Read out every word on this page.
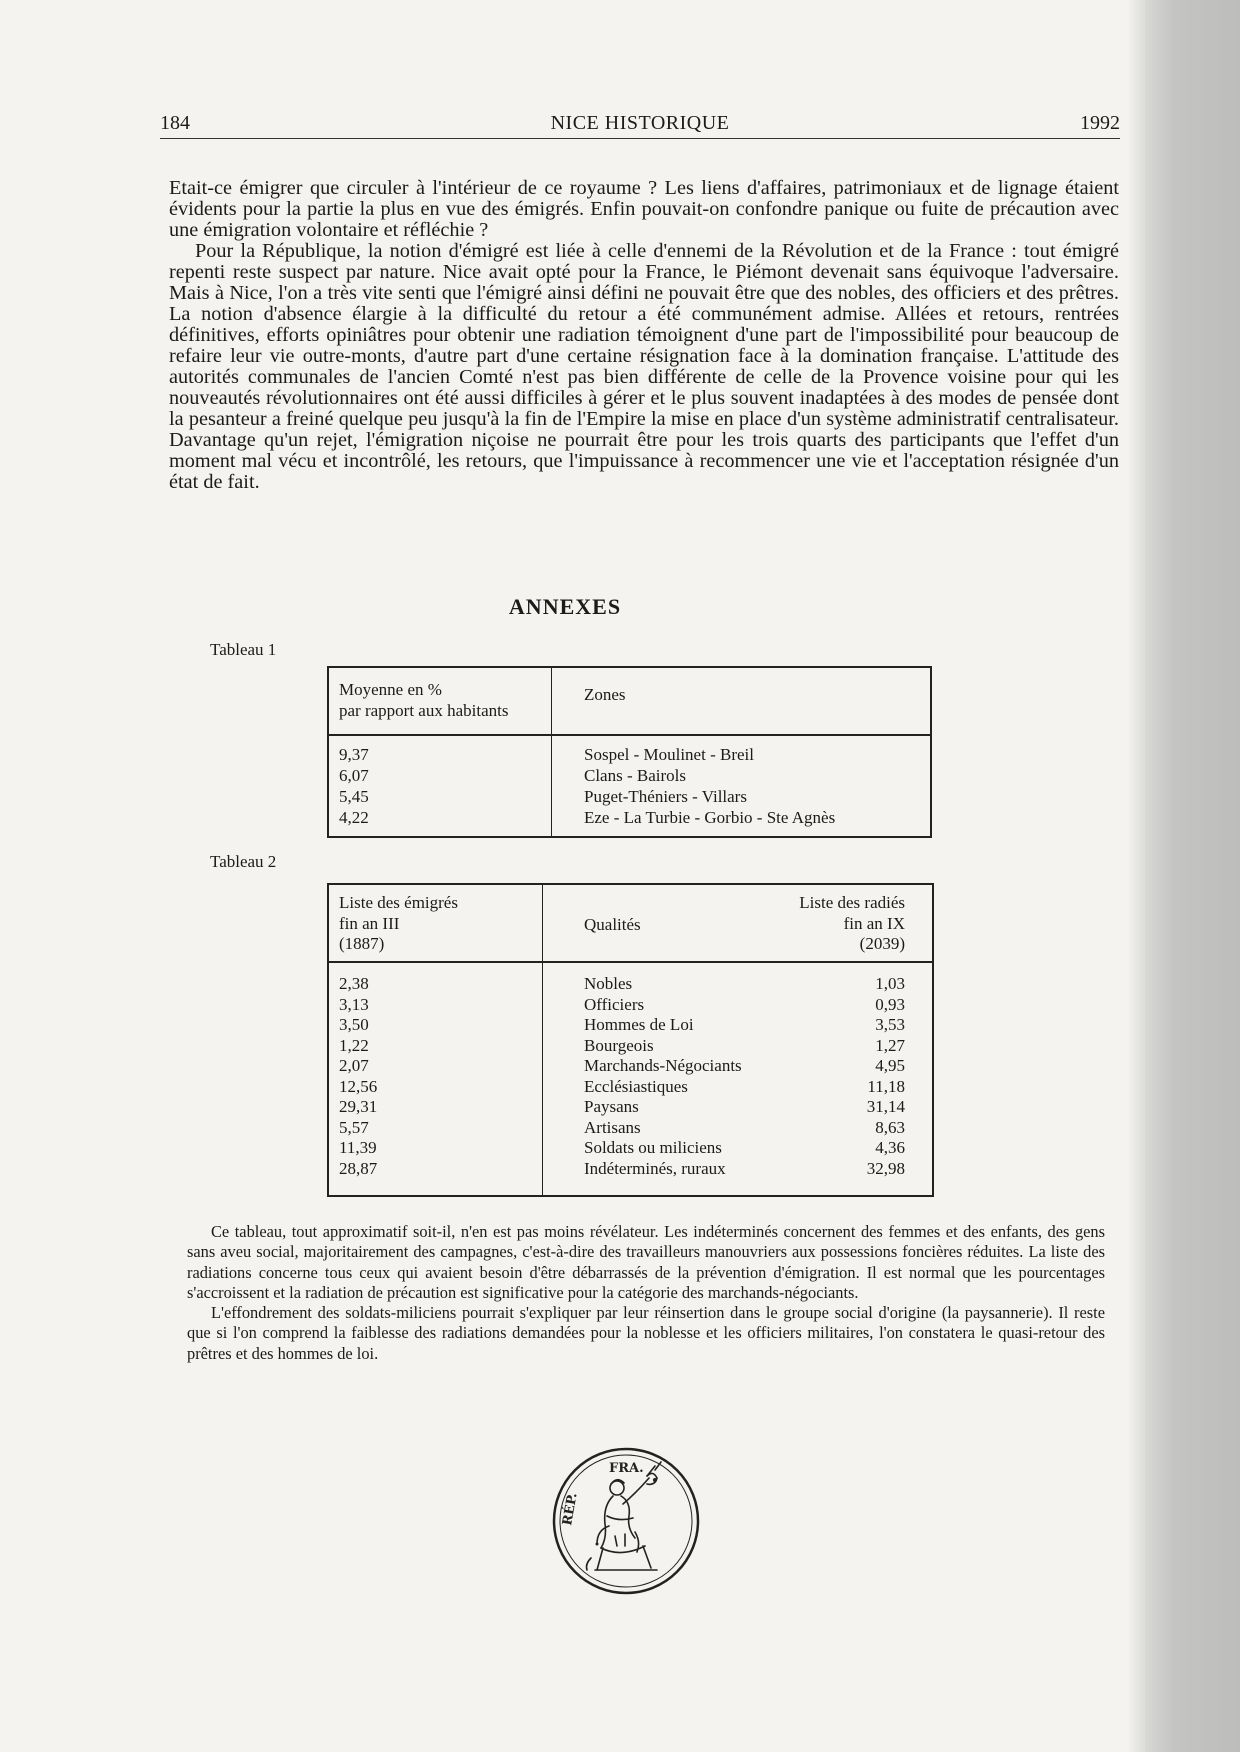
184	NICE HISTORIQUE	1992

Etait-ce émigrer que circuler à l'intérieur de ce royaume ? Les liens d'affaires, patrimoniaux et de lignage étaient évidents pour la partie la plus en vue des émigrés. Enfin pouvait-on confondre panique ou fuite de précaution avec une émigration volontaire et réfléchie ?

Pour la République, la notion d'émigré est liée à celle d'ennemi de la Révolution et de la France : tout émigré repenti reste suspect par nature. Nice avait opté pour la France, le Piémont devenait sans équivoque l'adversaire. Mais à Nice, l'on a très vite senti que l'émigré ainsi défini ne pouvait être que des nobles, des officiers et des prêtres. La notion d'absence élargie à la difficulté du retour a été communément admise. Allées et retours, rentrées définitives, efforts opiniâtres pour obtenir une radiation témoignent d'une part de l'impossibilité pour beaucoup de refaire leur vie outre-monts, d'autre part d'une certaine résignation face à la domination française. L'attitude des autorités communales de l'ancien Comté n'est pas bien différente de celle de la Provence voisine pour qui les nouveautés révolutionnaires ont été aussi difficiles à gérer et le plus souvent inadaptées à des modes de pensée dont la pesanteur a freiné quelque peu jusqu'à la fin de l'Empire la mise en place d'un système administratif centralisateur. Davantage qu'un rejet, l'émigration niçoise ne pourrait être pour les trois quarts des participants que l'effet d'un moment mal vécu et incontrôlé, les retours, que l'impuissance à recommencer une vie et l'acceptation résignée d'un état de fait.

ANNEXES
Tableau 1
Moyenne en %
par rapport aux habitants
Zones
9,37
6,07
5,45
4,22
Sospel - Moulinet - Breil
Clans - Bairols
Puget-Théniers - Villars
Eze - La Turbie - Gorbio - Ste Agnès
Tableau 2
Liste des émigrés
fin an III
(1887)
Qualités
Liste des radiés
fin an IX
(2039)
2,38
3,13
3,50
1,22
2,07
12,56
29,31
5,57
11,39
28,87
Nobles
Officiers
Hommes de Loi
Bourgeois
Marchands-Négociants
Ecclésiastiques
Paysans
Artisans
Soldats ou miliciens
Indéterminés, ruraux
1,03
0,93
3,53
1,27
4,95
11,18
31,14
8,63
4,36
32,98

Ce tableau, tout approximatif soit-il, n'en est pas moins révélateur. Les indéterminés concernent des femmes et des enfants, des gens sans aveu social, majoritairement des campagnes, c'est-à-dire des travailleurs manouvriers aux possessions foncières réduites. La liste des radiations concerne tous ceux qui avaient besoin d'être débarrassés de la prévention d'émigration. Il est normal que les pourcentages s'accroissent et la radiation de précaution est significative pour la catégorie des marchands-négociants.

L'effondrement des soldats-miliciens pourrait s'expliquer par leur réinsertion dans le groupe social d'origine (la paysannerie). Il reste que si l'on comprend la faiblesse des radiations demandées pour la noblesse et les officiers militaires, l'on constatera le quasi-retour des prêtres et des hommes de loi.

FRA.
RÉP.
